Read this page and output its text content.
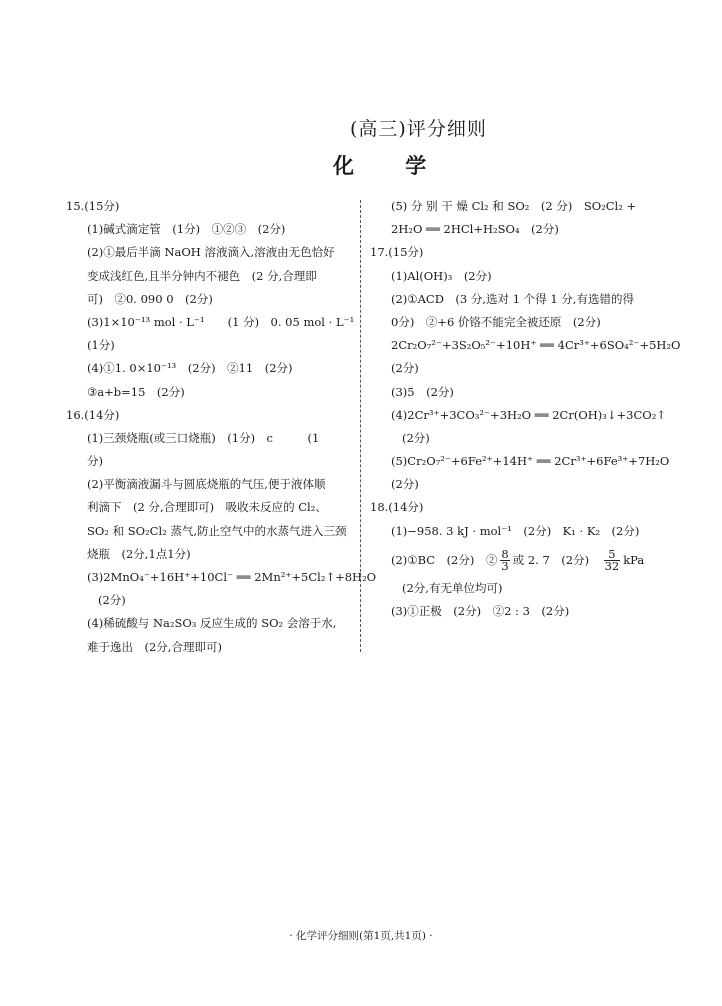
(高三)评分细则
化 学
15.(15分)
(1)碱式滴定管　(1分)　①②③　(2分)
(2)①最后半滴 NaOH 溶液滴入,溶液由无色恰好
变成浅红色,且半分钟内不褪色　(2 分,合理即
可)　②0. 090 0　(2分)
(3)1×10⁻¹³ mol · L⁻¹　　(1 分)　0. 05 mol · L⁻¹
(1分)
(4)①1. 0×10⁻¹³　(2分)　②11　(2分)
③a+b=15　(2分)
16.(14分)
(1)三颈烧瓶(或三口烧瓶)　(1分)　c　　　(1
分)
(2)平衡滴液漏斗与圆底烧瓶的气压,便于液体顺
利滴下　(2 分,合理即可)　吸收未反应的 Cl₂、
SO₂ 和 SO₂Cl₂ 蒸气,防止空气中的水蒸气进入三颈
烧瓶　(2分,1点1分)
(3)2MnO₄⁻+16H⁺+10Cl⁻ ══ 2Mn²⁺+5Cl₂↑+8H₂O
(2分)
(4)稀硫酸与 Na₂SO₃ 反应生成的 SO₂ 会溶于水,
难于逸出　(2分,合理即可)
(5) 分 别 干 燥 Cl₂ 和 SO₂　(2 分)　SO₂Cl₂ +
2H₂O ══ 2HCl+H₂SO₄　(2分)
17.(15分)
(1)Al(OH)₃　(2分)
(2)①ACD　(3 分,选对 1 个得 1 分,有选错的得
0分)　②+6 价铬不能完全被还原　(2分)
2Cr₂O₇²⁻+3S₂O₅²⁻+10H⁺ ══ 4Cr³⁺+6SO₄²⁻+5H₂O
(2分)
(3)5　(2分)
(4)2Cr³⁺+3CO₃²⁻+3H₂O ══ 2Cr(OH)₃↓+3CO₂↑
(2分)
(5)Cr₂O₇²⁻+6Fe²⁺+14H⁺ ══ 2Cr³⁺+6Fe³⁺+7H₂O
(2分)
18.(14分)
(1)−958. 3 kJ · mol⁻¹　(2分)　K₁ · K₂　(2分)
(2)①BC　(2分)　② $\frac{8}{3}$ 或 2. 7　(2分)　 $\frac{5}{32}$ kPa
(2分,有无单位均可)
(3)①正极　(2分)　②2 : 3　(2分)
· 化学评分细则(第1页,共1页) ·
